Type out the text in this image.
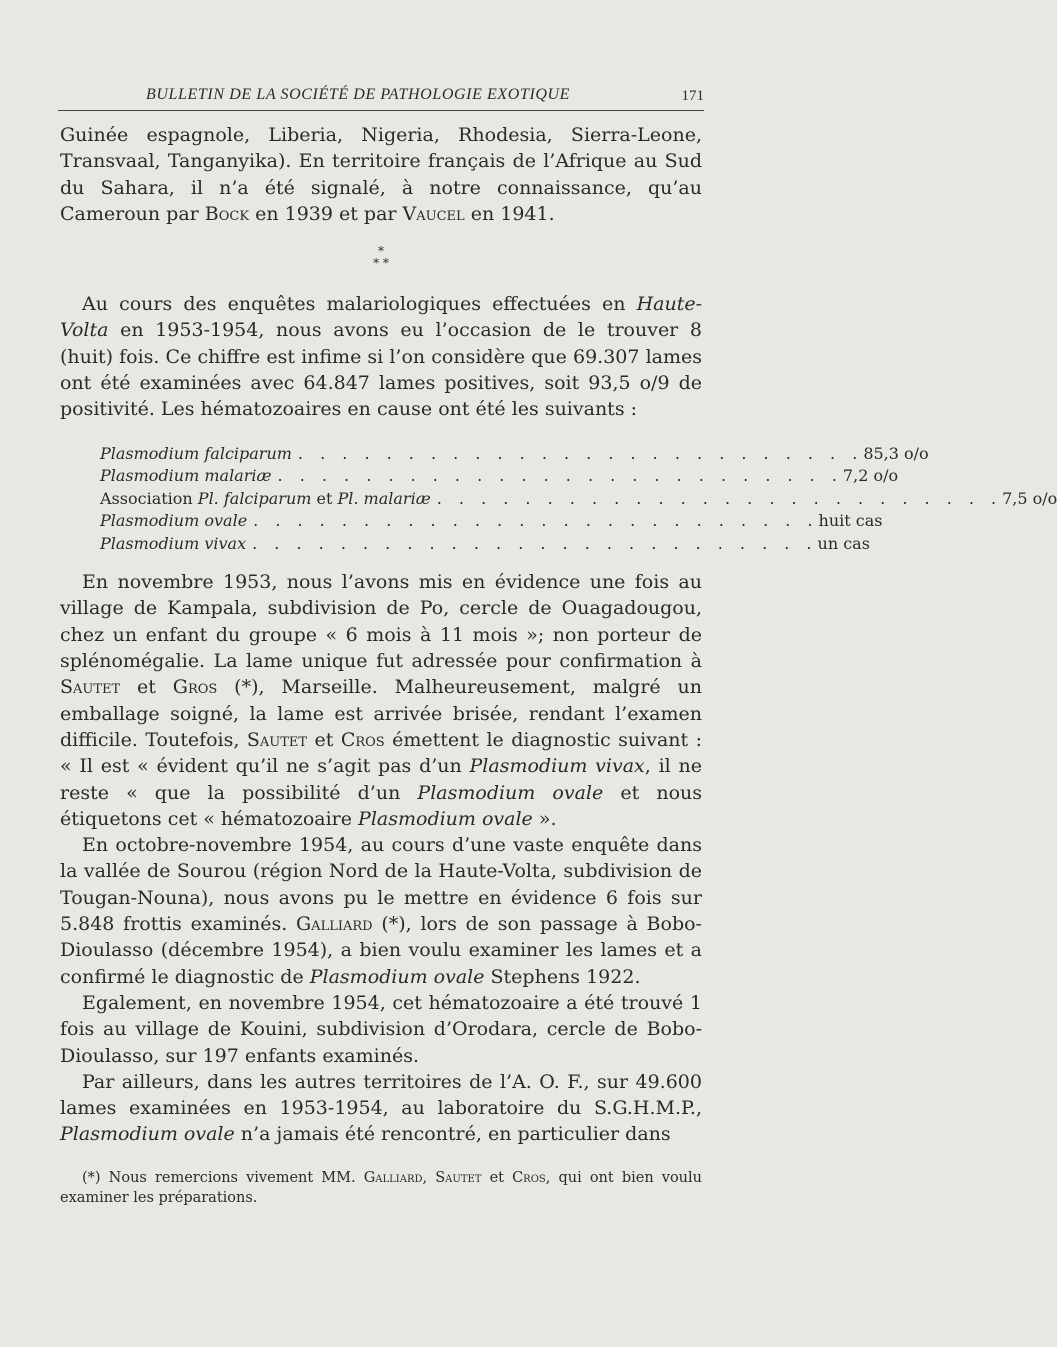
BULLETIN DE LA SOCIÉTÉ DE PATHOLOGIE EXOTIQUE	171

Guinée espagnole, Liberia, Nigeria, Rhodesia, Sierra-Leone, Transvaal, Tanganyika). En territoire français de l’Afrique au Sud du Sahara, il n’a été signalé, à notre connaissance, qu’au Cameroun par Bock en 1939 et par Vaucel en 1941.

*
* *

Au cours des enquêtes malariologiques effectuées en Haute-Volta en 1953-1954, nous avons eu l’occasion de le trouver 8 (huit) fois. Ce chiffre est infime si l’on considère que 69.307 lames ont été examinées avec 64.847 lames positives, soit 93,5 o/9 de positivité. Les hématozoaires en cause ont été les suivants :

Plasmodium falciparum . . . . . . . . . . . . . . . . . . . . . . . . . . 85,3 o/o
Plasmodium malariæ . . . . . . . . . . . . . . . . . . . . . . . . . . 7,2 o/o
Association Pl. falciparum et Pl. malariæ . . . . . . . . . . . . . . . . . . . . . . . . . . 7,5 o/o
Plasmodium ovale . . . . . . . . . . . . . . . . . . . . . . . . . . huit cas
Plasmodium vivax . . . . . . . . . . . . . . . . . . . . . . . . . . un cas

En novembre 1953, nous l’avons mis en évidence une fois au village de Kampala, subdivision de Po, cercle de Ouagadougou, chez un enfant du groupe « 6 mois à 11 mois »; non porteur de splénomégalie. La lame unique fut adressée pour confirmation à Sautet et Gros (*), Marseille. Malheureusement, malgré un emballage soigné, la lame est arrivée brisée, rendant l’examen difficile. Toutefois, Sautet et Cros émettent le diagnostic suivant : « Il est « évident qu’il ne s’agit pas d’un Plasmodium vivax, il ne reste « que la possibilité d’un Plasmodium ovale et nous étiquetons cet « hématozoaire Plasmodium ovale ».

En octobre-novembre 1954, au cours d’une vaste enquête dans la vallée de Sourou (région Nord de la Haute-Volta, subdivision de Tougan-Nouna), nous avons pu le mettre en évidence 6 fois sur 5.848 frottis examinés. Galliard (*), lors de son passage à Bobo-Dioulasso (décembre 1954), a bien voulu examiner les lames et a confirmé le diagnostic de Plasmodium ovale Stephens 1922.

Egalement, en novembre 1954, cet hématozoaire a été trouvé 1 fois au village de Kouini, subdivision d’Orodara, cercle de Bobo-Dioulasso, sur 197 enfants examinés.

Par ailleurs, dans les autres territoires de l’A. O. F., sur 49.600 lames examinées en 1953-1954, au laboratoire du S.G.H.M.P., Plasmodium ovale n’a jamais été rencontré, en particulier dans

(*) Nous remercions vivement MM. Galliard, Sautet et Cros, qui ont bien voulu examiner les préparations.
